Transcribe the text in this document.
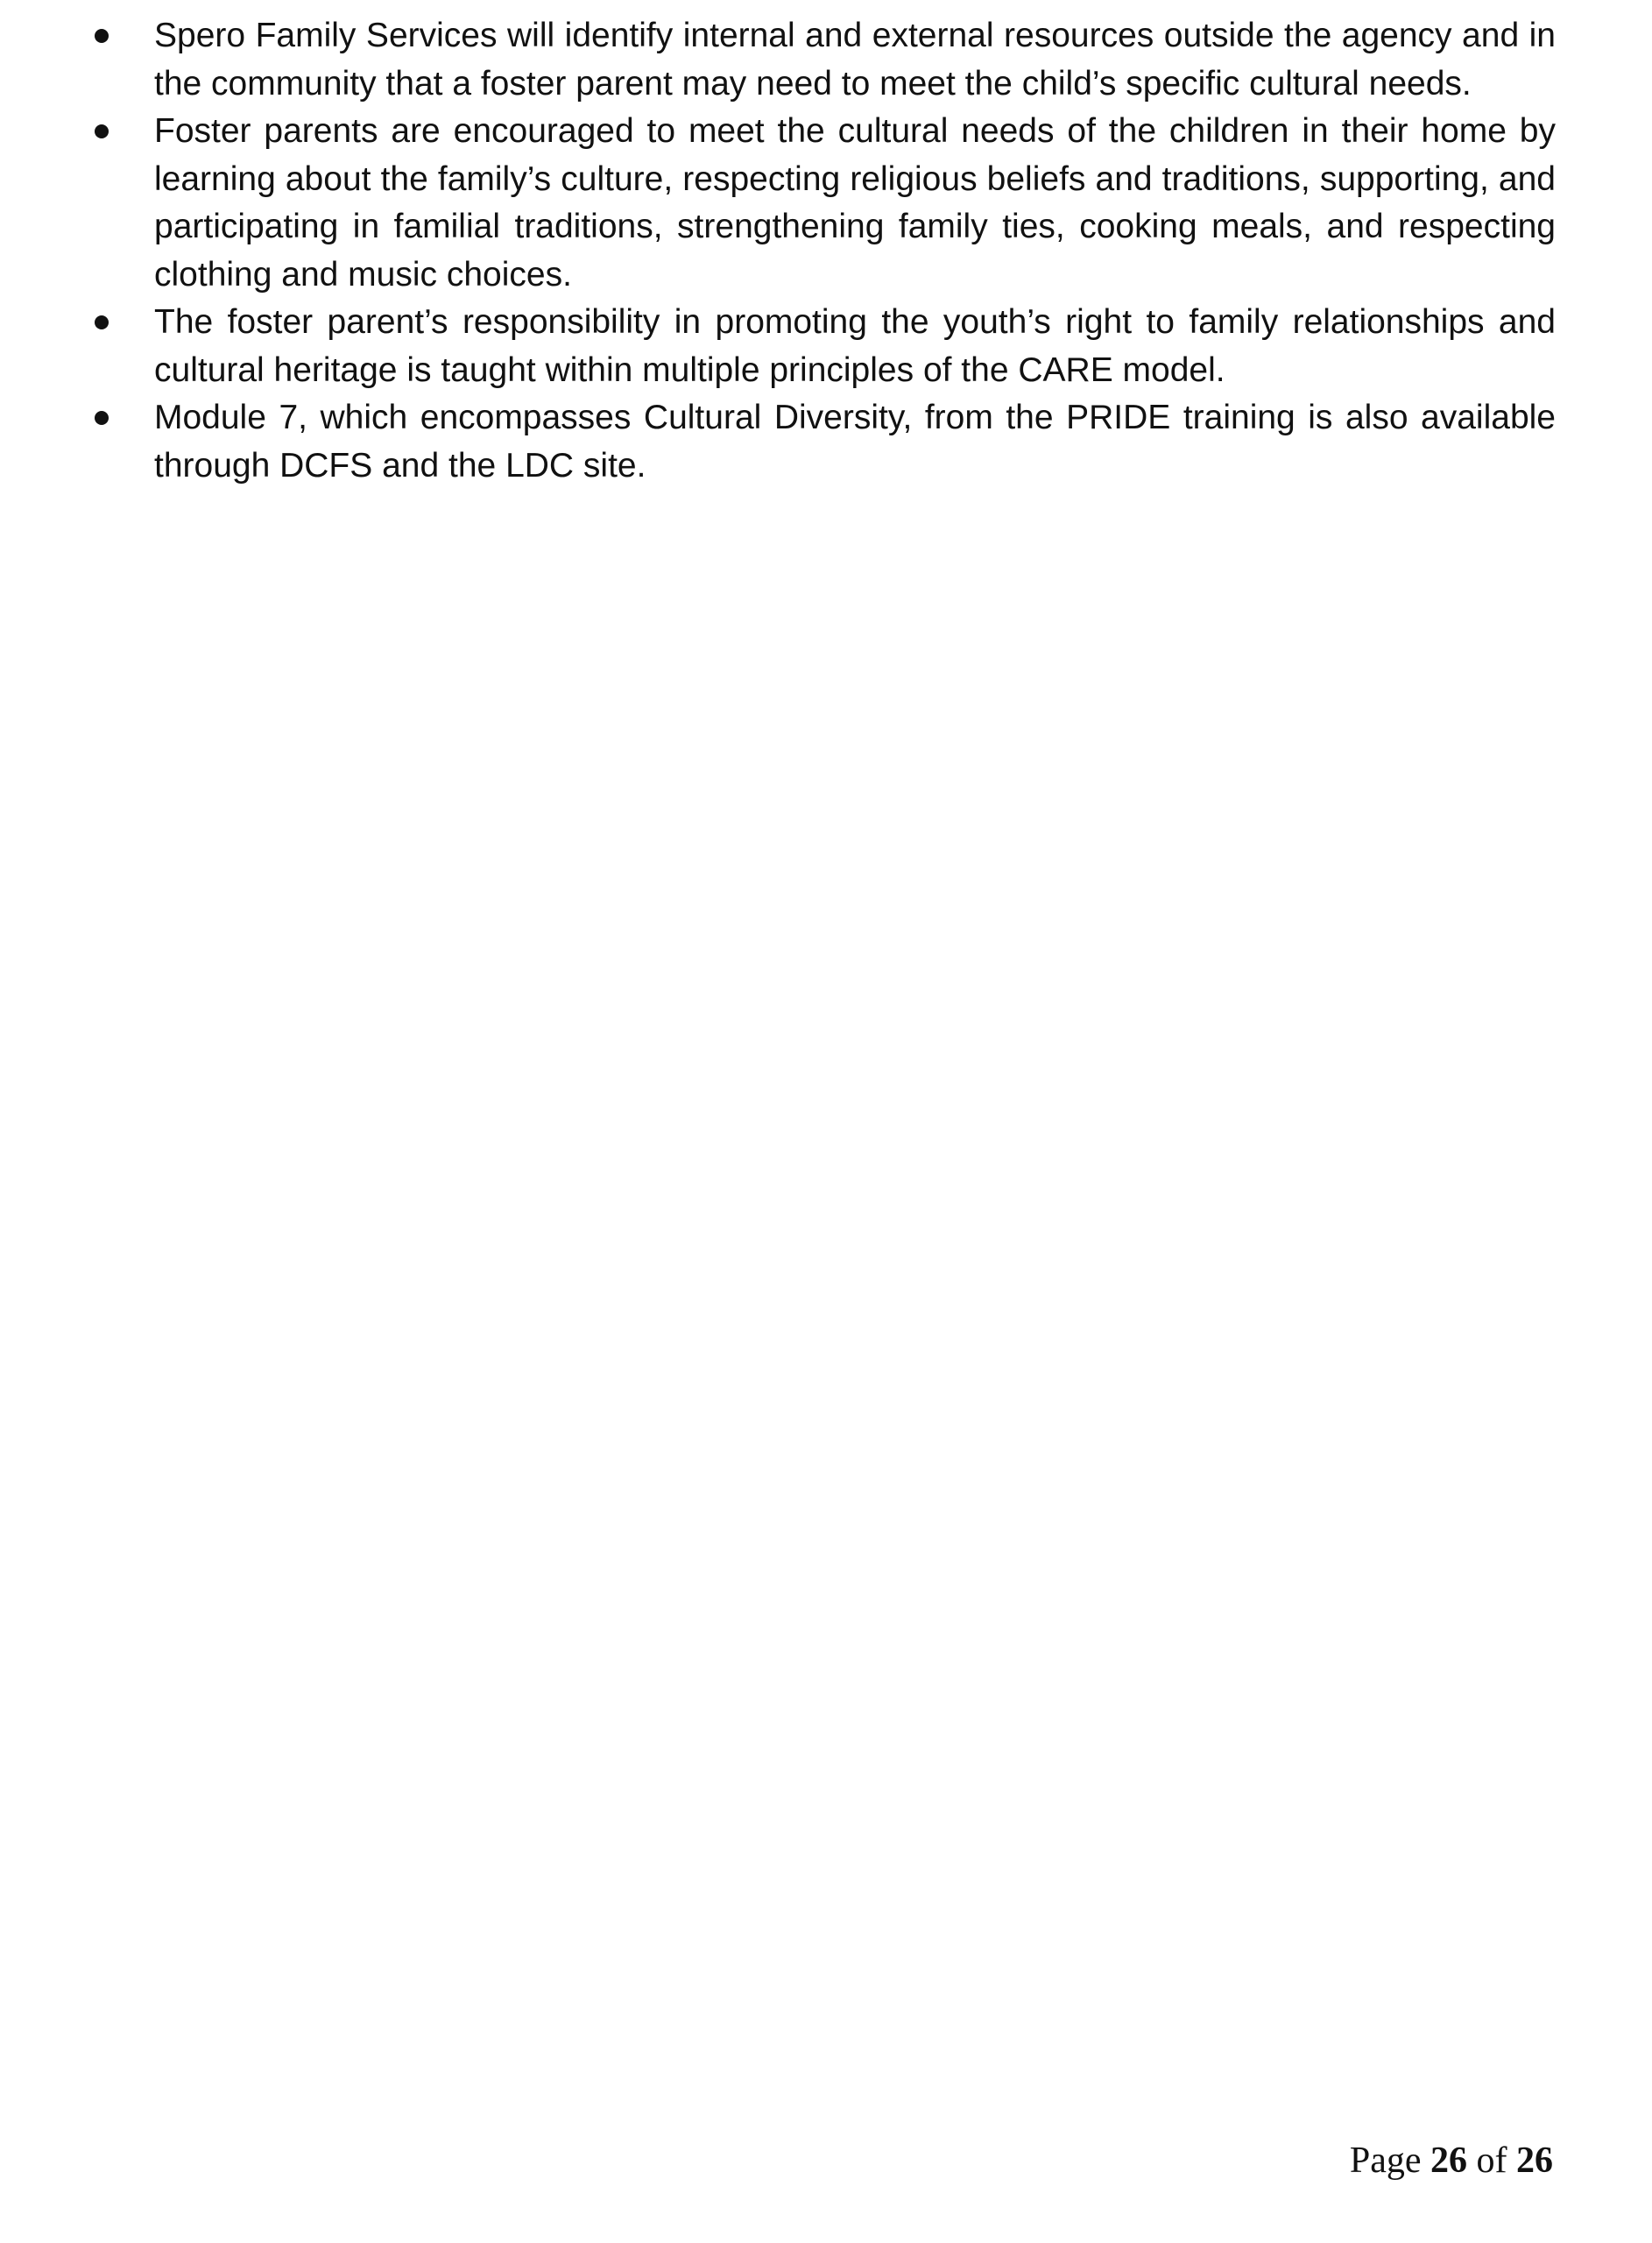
Spero Family Services will identify internal and external resources outside the agency and in the community that a foster parent may need to meet the child’s specific cultural needs.
Foster parents are encouraged to meet the cultural needs of the children in their home by learning about the family’s culture, respecting religious beliefs and traditions, supporting, and participating in familial traditions, strengthening family ties, cooking meals, and respecting clothing and music choices.
The foster parent’s responsibility in promoting the youth’s right to family relationships and cultural heritage is taught within multiple principles of the CARE model.
Module 7, which encompasses Cultural Diversity, from the PRIDE training is also available through DCFS and the LDC site.
Page 26 of 26
